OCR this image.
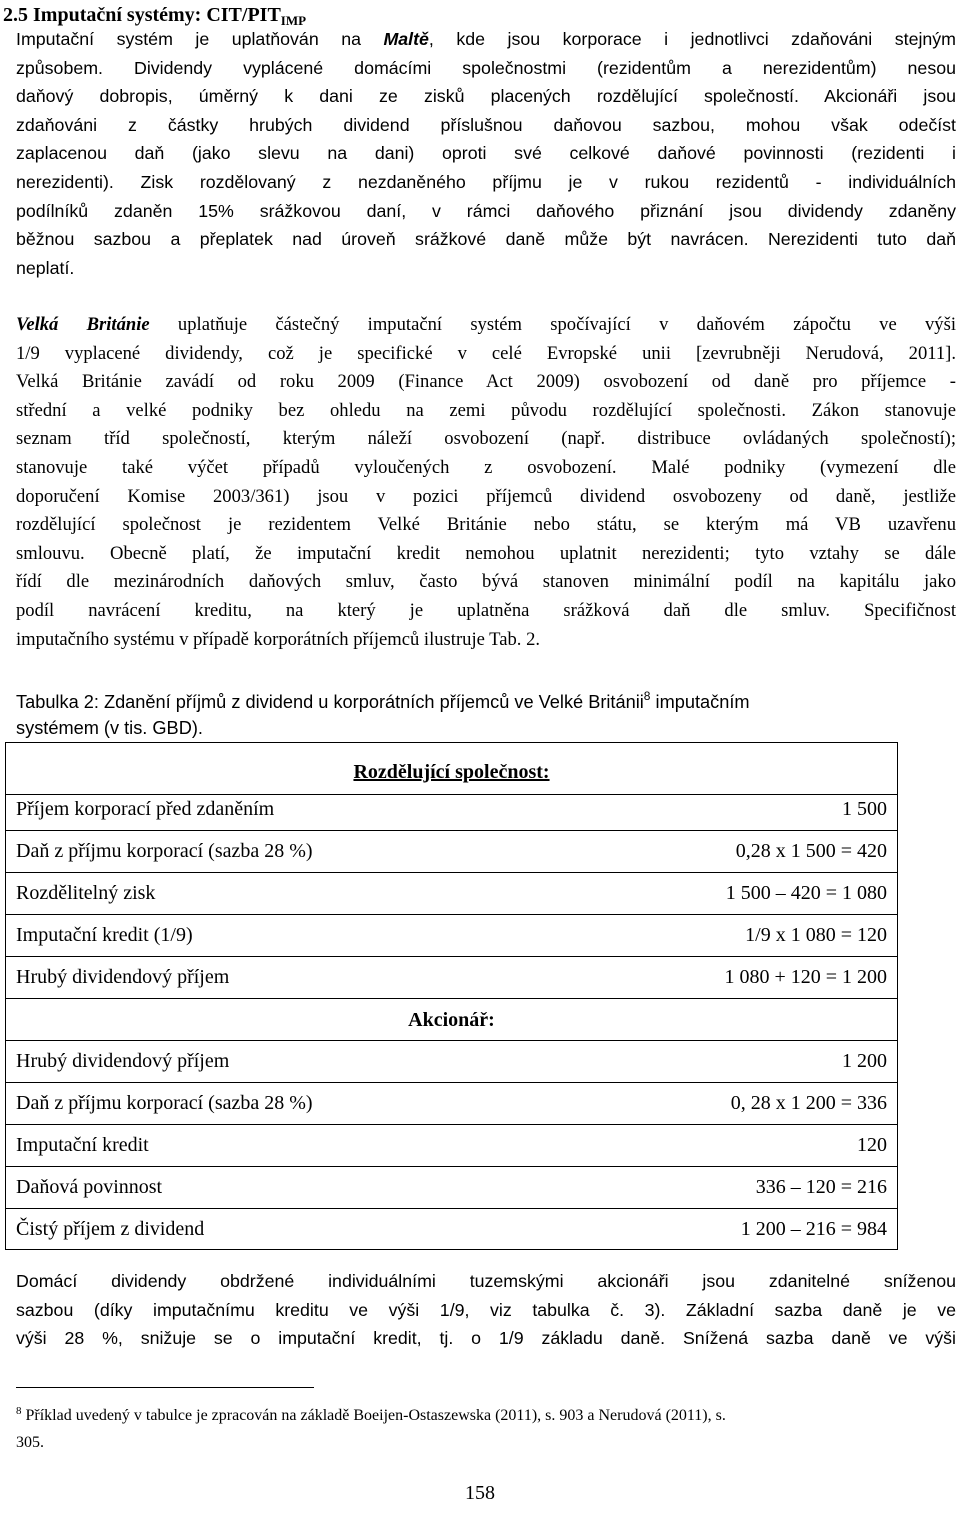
2.5 Imputační systémy: CIT/$PIT_{IMP}$
Imputační systém je uplatňován na Maltě, kde jsou korporace i jednotlivci zdaňováni stejným
způsobem. Dividendy vyplácené domácími společnostmi (rezidentům a nerezidentům) nesou
daňový dobropis, úměrný k dani ze zisků placených rozdělující společností. Akcionáři jsou
zdaňováni z částky hrubých dividend příslušnou daňovou sazbou, mohou však odečíst
zaplacenou daň (jako slevu na dani) oproti své celkové daňové povinnosti (rezidenti i
nerezidenti). Zisk rozdělovaný z nezdaněného příjmu je v rukou rezidentů - individuálních
podílníků zdaněn 15% srážkovou daní, v rámci daňového přiznání jsou dividendy zdaněny
běžnou sazbou a přeplatek nad úroveň srážkové daně může být navrácen. Nerezidenti tuto daň
neplatí.
Velká Británie uplatňuje částečný imputační systém spočívající v daňovém zápočtu ve výši
1/9 vyplacené dividendy, což je specifické v celé Evropské unii [zevrubněji Nerudová, 2011].
Velká Británie zavádí od roku 2009 (Finance Act 2009) osvobození od daně pro příjemce -
střední a velké podniky bez ohledu na zemi původu rozdělující společnosti. Zákon stanovuje
seznam tříd společností, kterým náleží osvobození (např. distribuce ovládaných společností);
stanovuje také výčet případů vyloučených z osvobození. Malé podniky (vymezení dle
doporučení Komise 2003/361) jsou v pozici příjemců dividend osvobozeny od daně, jestliže
rozdělující společnost je rezidentem Velké Británie nebo státu, se kterým má VB uzavřenu
smlouvu. Obecně platí, že imputační kredit nemohou uplatnit nerezidenti; tyto vztahy se dále
řídí dle mezinárodních daňových smluv, často bývá stanoven minimální podíl na kapitálu jako
podíl navrácení kreditu, na který je uplatněna srážková daň dle smluv. Specifičnost
imputačního systému v případě korporátních příjemců ilustruje Tab. 2.
Tabulka 2: Zdanění příjmů z dividend u korporátních příjemců ve Velké Británii$^8$ imputačním
systémem (v tis. GBD).
Rozdělující společnost:
Příjem korporací před zdaněním	1 500
Daň z příjmu korporací (sazba 28 %)	0,28 x 1 500 = 420
Rozdělitelný zisk	1 500 – 420 = 1 080
Imputační kredit (1/9)	1/9 x 1 080 = 120
Hrubý dividendový příjem	1 080 + 120 = 1 200
Akcionář:
Hrubý dividendový příjem	1 200
Daň z příjmu korporací (sazba 28 %)	0, 28 x 1 200 = 336
Imputační kredit	120
Daňová povinnost	336 – 120 = 216
Čistý příjem z dividend	1 200 – 216 = 984
Domácí dividendy obdržené individuálními tuzemskými akcionáři jsou zdanitelné sníženou
sazbou (díky imputačnímu kreditu ve výši 1/9, viz tabulka č. 3). Základní sazba daně je ve
výši 28 %, snižuje se o imputační kredit, tj. o 1/9 základu daně. Snížená sazba daně ve výši
$^8$ Příklad uvedený v tabulce je zpracován na základě Boeijen-Ostaszewska (2011), s. 903 a Nerudová (2011), s.
305.
158
